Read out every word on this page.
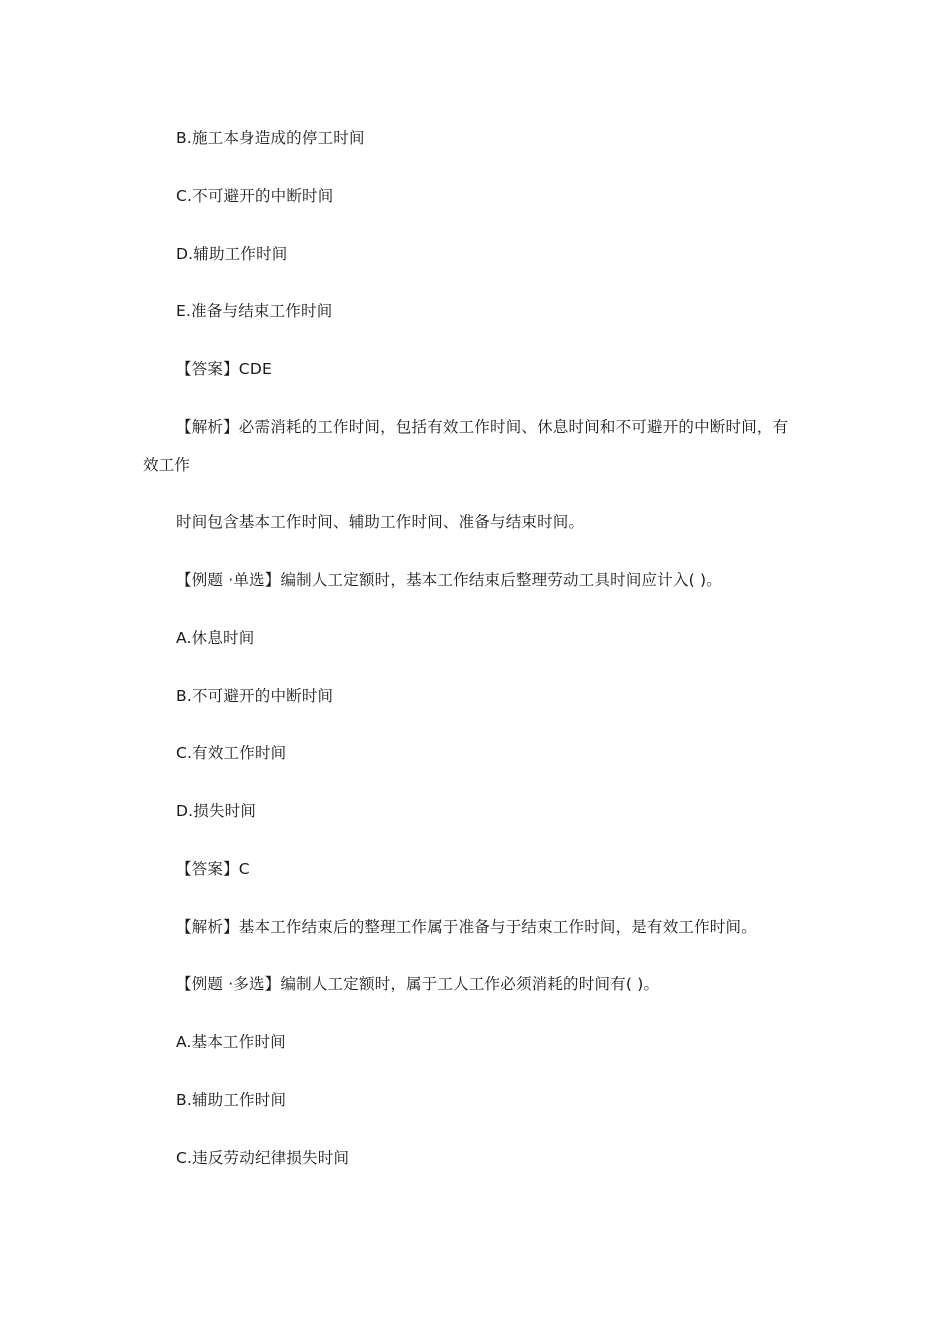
B.施工本身造成的停工时间
C.不可避开的中断时间
D.辅助工作时间
E.准备与结束工作时间
【答案】CDE
【解析】必需消耗的工作时间，包括有效工作时间、休息时间和不可避开的中断时间，有
效工作
时间包含基本工作时间、辅助工作时间、准备与结束时间。
【例题 ·单选】编制人工定额时，基本工作结束后整理劳动工具时间应计入( )。
A.休息时间
B.不可避开的中断时间
C.有效工作时间
D.损失时间
【答案】C
【解析】基本工作结束后的整理工作属于准备与于结束工作时间，是有效工作时间。
【例题 ·多选】编制人工定额时，属于工人工作必须消耗的时间有( )。
A.基本工作时间
B.辅助工作时间
C.违反劳动纪律损失时间
